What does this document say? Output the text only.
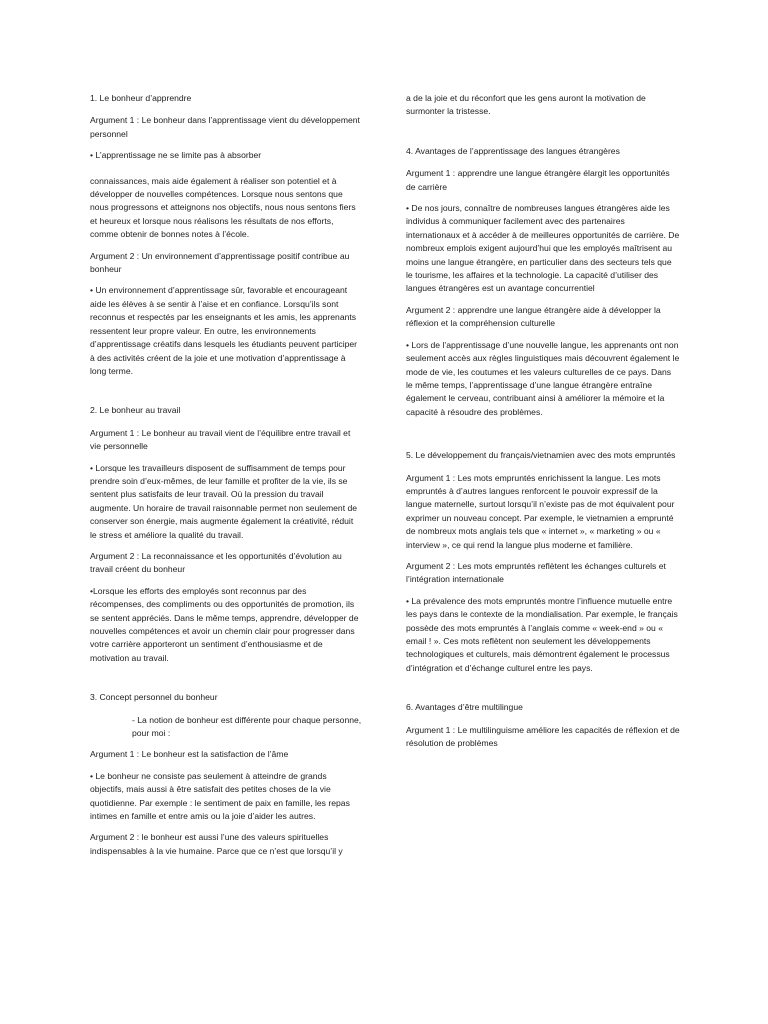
1. Le bonheur d’apprendre

Argument 1 : Le bonheur dans l’apprentissage vient du développement personnel

• L’apprentissage ne se limite pas à absorber

connaissances, mais aide également à réaliser son potentiel et à développer de nouvelles compétences. Lorsque nous sentons que nous progressons et atteignons nos objectifs, nous nous sentons fiers et heureux et lorsque nous réalisons les résultats de nos efforts, comme obtenir de bonnes notes à l’école.

Argument 2 : Un environnement d’apprentissage positif contribue au bonheur

• Un environnement d’apprentissage sûr, favorable et encourageant aide les élèves à se sentir à l’aise et en confiance. Lorsqu’ils sont reconnus et respectés par les enseignants et les amis, les apprenants ressentent leur propre valeur. En outre, les environnements d’apprentissage créatifs dans lesquels les étudiants peuvent participer à des activités créent de la joie et une motivation d’apprentissage à long terme.

2. Le bonheur au travail

Argument 1 : Le bonheur au travail vient de l’équilibre entre travail et vie personnelle

• Lorsque les travailleurs disposent de suffisamment de temps pour prendre soin d’eux-mêmes, de leur famille et profiter de la vie, ils se sentent plus satisfaits de leur travail. Où la pression du travail augmente. Un horaire de travail raisonnable permet non seulement de conserver son énergie, mais augmente également la créativité, réduit le stress et améliore la qualité du travail.

Argument 2 : La reconnaissance et les opportunités d’évolution au travail créent du bonheur

•Lorsque les efforts des employés sont reconnus par des récompenses, des compliments ou des opportunités de promotion, ils se sentent appréciés. Dans le même temps, apprendre, développer de nouvelles compétences et avoir un chemin clair pour progresser dans votre carrière apporteront un sentiment d’enthousiasme et de motivation au travail.

3. Concept personnel du bonheur

- La notion de bonheur est différente pour chaque personne, pour moi :

Argument 1 : Le bonheur est la satisfaction de l’âme

• Le bonheur ne consiste pas seulement à atteindre de grands objectifs, mais aussi à être satisfait des petites choses de la vie quotidienne. Par exemple : le sentiment de paix en famille, les repas intimes en famille et entre amis ou la joie d’aider les autres.

Argument 2 : le bonheur est aussi l’une des valeurs spirituelles indispensables à la vie humaine. Parce que ce n’est que lorsqu’il y

a de la joie et du réconfort que les gens auront la motivation de surmonter la tristesse.

4. Avantages de l’apprentissage des langues étrangères

Argument 1 : apprendre une langue étrangère élargit les opportunités de carrière

• De nos jours, connaître de nombreuses langues étrangères aide les individus à communiquer facilement avec des partenaires internationaux et à accéder à de meilleures opportunités de carrière. De nombreux emplois exigent aujourd’hui que les employés maîtrisent au moins une langue étrangère, en particulier dans des secteurs tels que le tourisme, les affaires et la technologie. La capacité d’utiliser des langues étrangères est un avantage concurrentiel

Argument 2 : apprendre une langue étrangère aide à développer la réflexion et la compréhension culturelle

• Lors de l’apprentissage d’une nouvelle langue, les apprenants ont non seulement accès aux règles linguistiques mais découvrent également le mode de vie, les coutumes et les valeurs culturelles de ce pays. Dans le même temps, l’apprentissage d’une langue étrangère entraîne également le cerveau, contribuant ainsi à améliorer la mémoire et la capacité à résoudre des problèmes.

5. Le développement du français/vietnamien avec des mots empruntés

Argument 1 : Les mots empruntés enrichissent la langue. Les mots empruntés à d’autres langues renforcent le pouvoir expressif de la langue maternelle, surtout lorsqu’il n’existe pas de mot équivalent pour exprimer un nouveau concept. Par exemple, le vietnamien a emprunté de nombreux mots anglais tels que « internet », « marketing » ou « interview », ce qui rend la langue plus moderne et familière.

Argument 2 : Les mots empruntés reflètent les échanges culturels et l’intégration internationale

• La prévalence des mots empruntés montre l’influence mutuelle entre les pays dans le contexte de la mondialisation. Par exemple, le français possède des mots empruntés à l’anglais comme « week-end » ou « email ! ». Ces mots reflètent non seulement les développements technologiques et culturels, mais démontrent également le processus d’intégration et d’échange culturel entre les pays.

6. Avantages d’être multilingue

Argument 1 : Le multilinguisme améliore les capacités de réflexion et de résolution de problèmes
